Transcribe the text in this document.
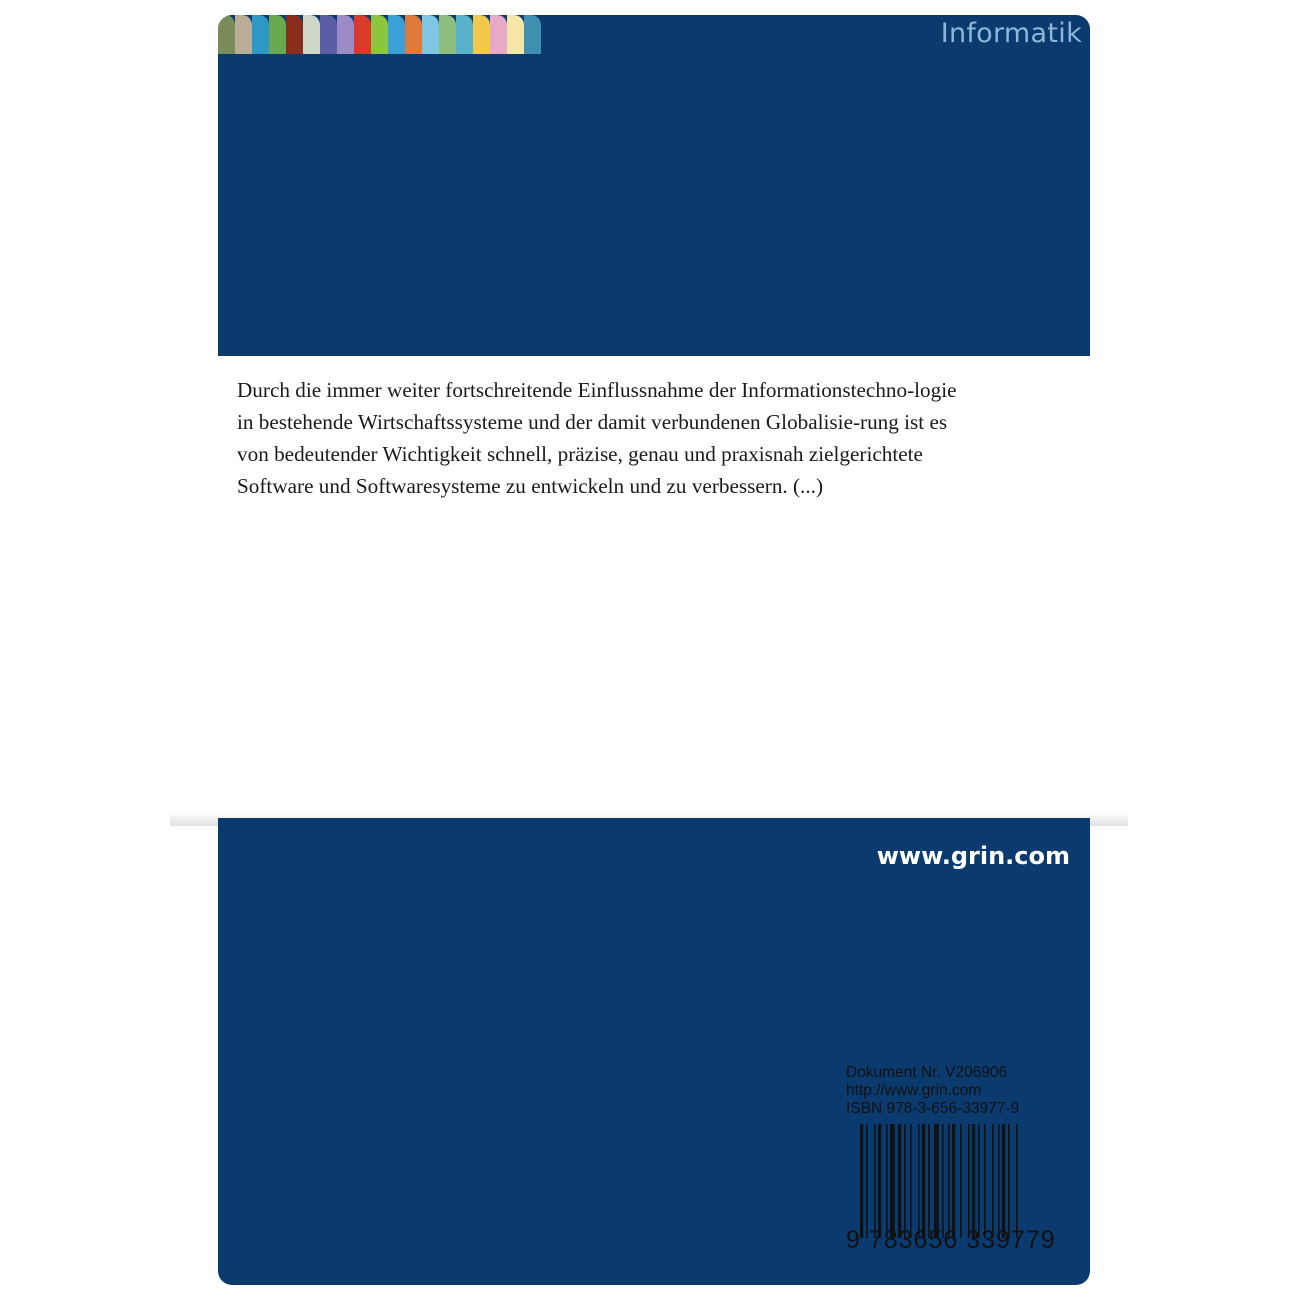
Informatik
Durch die immer weiter fortschreitende Einflussnahme der Informationstechno-logie in bestehende Wirtschaftssysteme und der damit verbundenen Globalisie-rung ist es von bedeutender Wichtigkeit schnell, präzise, genau und praxisnah zielgerichtete Software und Softwaresysteme zu entwickeln und zu verbessern. (...)
www.grin.com
Dokument Nr. V206906
http://www.grin.com
ISBN 978-3-656-33977-9
9 783656 339779
